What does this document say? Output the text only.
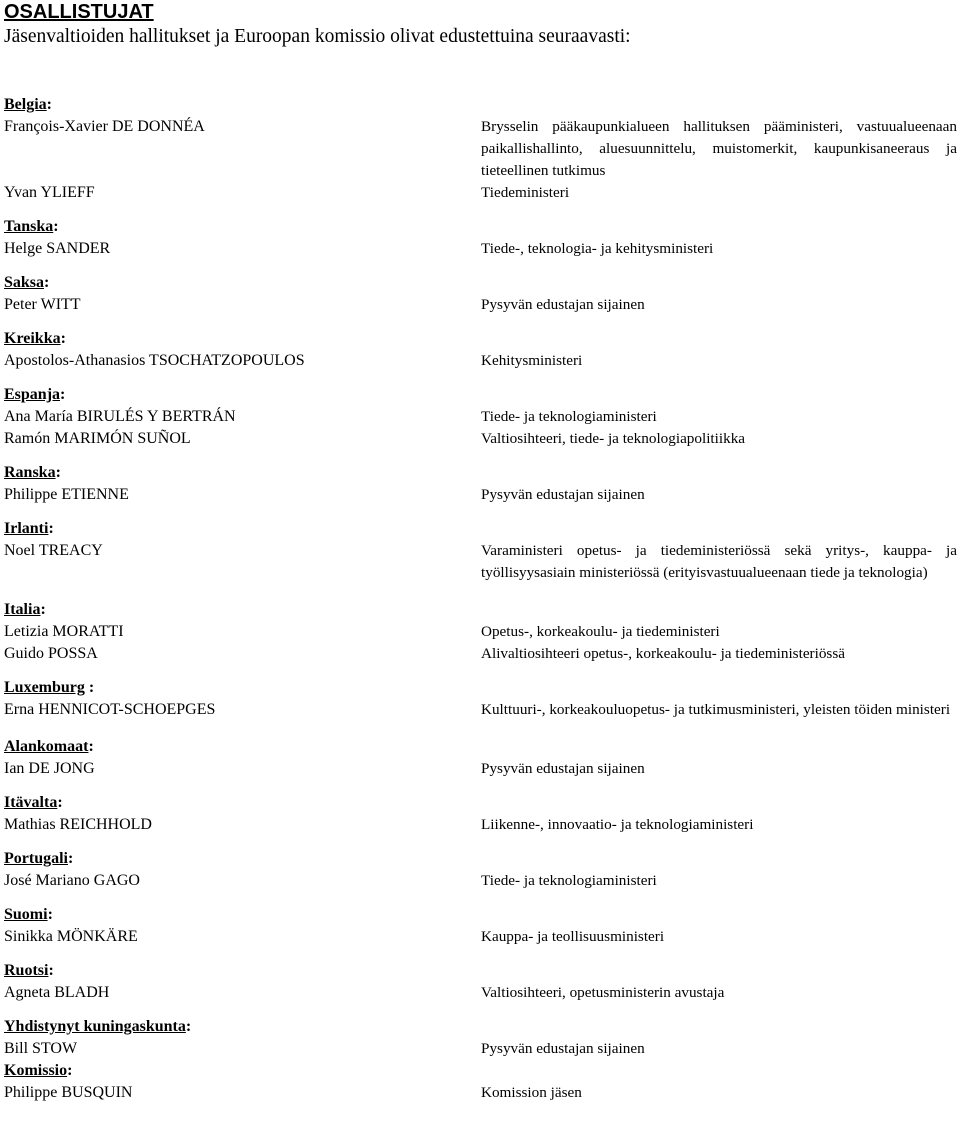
OSALLISTUJAT

Jäsenvaltioiden hallitukset ja Euroopan komissio olivat edustettuina seuraavasti:

Belgia:
François-Xavier DE DONNÉA	Brysselin pääkaupunkialueen hallituksen pääministeri, vastuualueenaan paikallishallinto, aluesuunnittelu, muistomerkit, kaupunkisaneeraus ja tieteellinen tutkimus
Yvan YLIEFF	Tiedeministeri
Tanska:
Helge SANDER	Tiede-, teknologia- ja kehitysministeri
Saksa:
Peter WITT	Pysyvän edustajan sijainen
Kreikka:
Apostolos-Athanasios TSOCHATZOPOULOS	Kehitysministeri
Espanja:
Ana María BIRULÉS Y BERTRÁN	Tiede- ja teknologiaministeri
Ramón MARIMÓN SUÑOL	Valtiosihteeri, tiede- ja teknologiapolitiikka
Ranska:
Philippe ETIENNE	Pysyvän edustajan sijainen
Irlanti:
Noel TREACY	Varaministeri opetus- ja tiedeministeriössä sekä yritys-, kauppa- ja työllisyysasiain ministeriössä (erityisvastuualueenaan tiede ja teknologia)
Italia:
Letizia MORATTI	Opetus-, korkeakoulu- ja tiedeministeri
Guido POSSA	Alivaltiosihteeri opetus-, korkeakoulu- ja tiedeministeriössä
Luxemburg :
Erna HENNICOT-SCHOEPGES	Kulttuuri-, korkeakouluopetus- ja tutkimusministeri, yleisten töiden ministeri
Alankomaat:
Ian DE JONG	Pysyvän edustajan sijainen
Itävalta:
Mathias REICHHOLD	Liikenne-, innovaatio- ja teknologiaministeri
Portugali:
José Mariano GAGO	Tiede- ja teknologiaministeri
Suomi:
Sinikka MÖNKÄRE	Kauppa- ja teollisuusministeri
Ruotsi:
Agneta BLADH	Valtiosihteeri, opetusministerin avustaja
Yhdistynyt kuningaskunta:
Bill STOW	Pysyvän edustajan sijainen
Komissio:
Philippe BUSQUIN	Komission jäsen
